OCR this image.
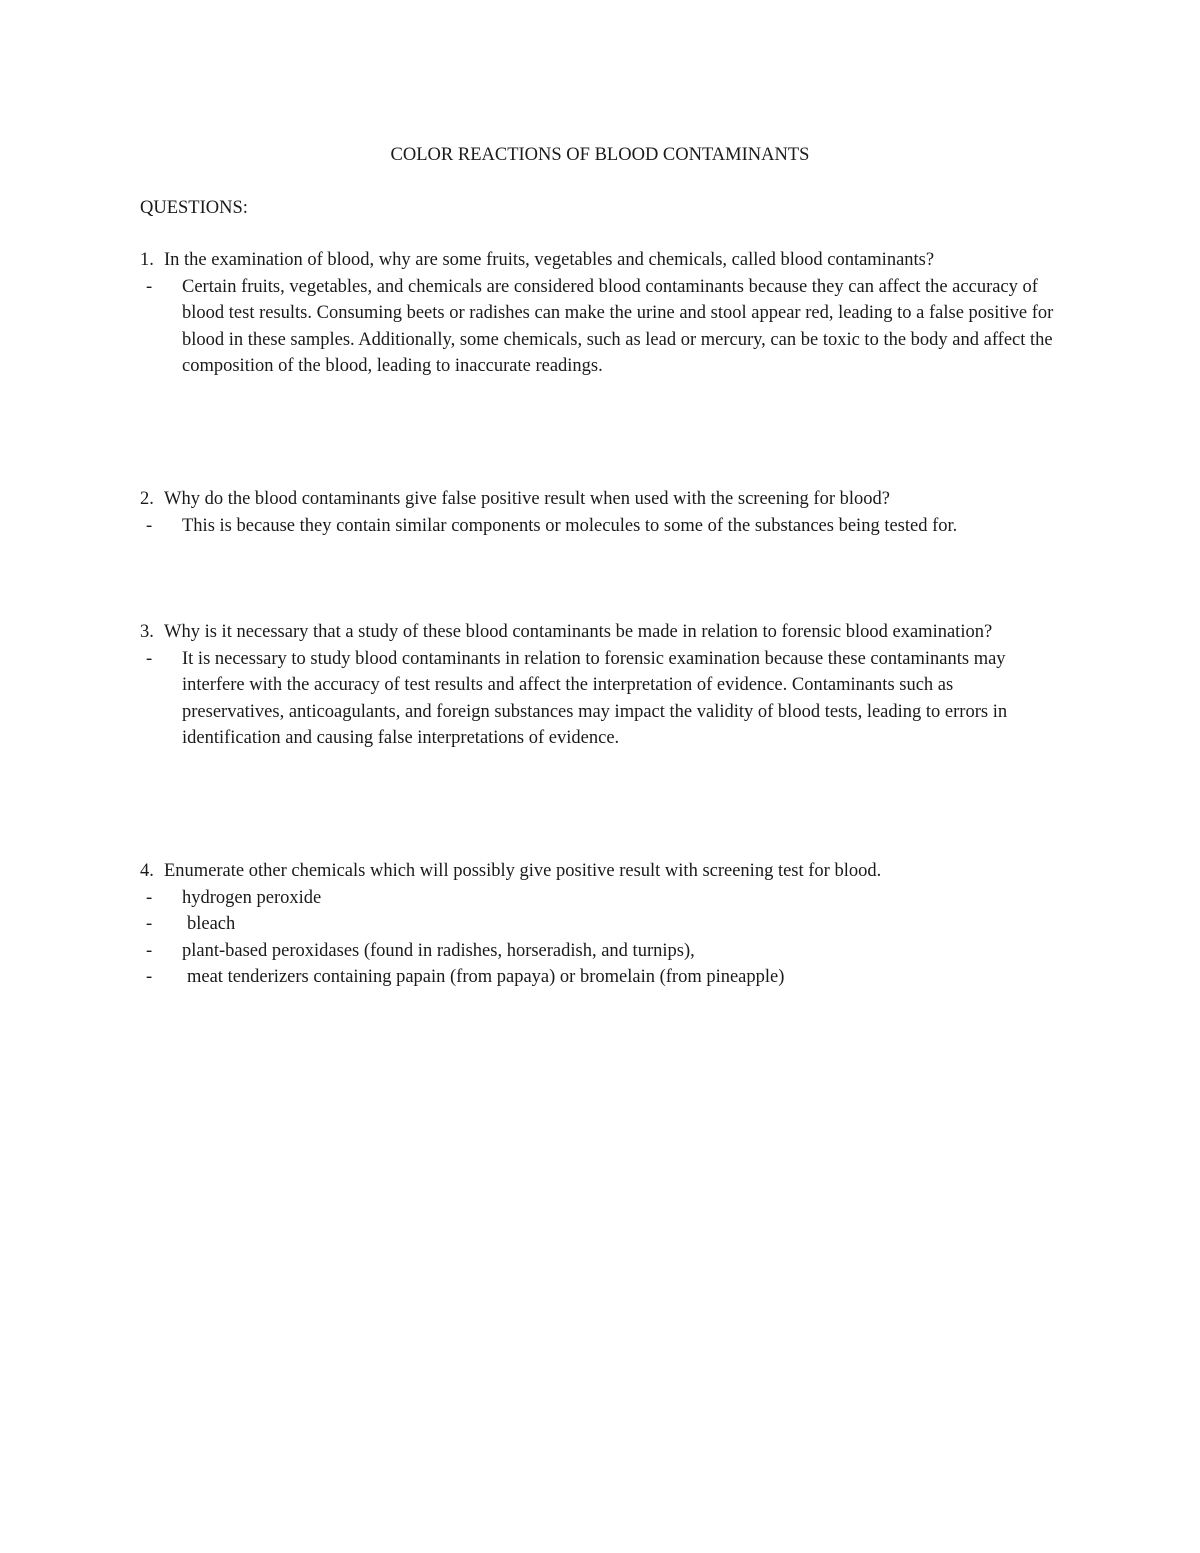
COLOR REACTIONS OF BLOOD CONTAMINANTS
QUESTIONS:
1. In the examination of blood, why are some fruits, vegetables and chemicals, called blood contaminants?
- Certain fruits, vegetables, and chemicals are considered blood contaminants because they can affect the accuracy of blood test results. Consuming beets or radishes can make the urine and stool appear red, leading to a false positive for blood in these samples. Additionally, some chemicals, such as lead or mercury, can be toxic to the body and affect the composition of the blood, leading to inaccurate readings.
2. Why do the blood contaminants give false positive result when used with the screening for blood?
- This is because they contain similar components or molecules to some of the substances being tested for.
3. Why is it necessary that a study of these blood contaminants be made in relation to forensic blood examination?
- It is necessary to study blood contaminants in relation to forensic examination because these contaminants may interfere with the accuracy of test results and affect the interpretation of evidence. Contaminants such as preservatives, anticoagulants, and foreign substances may impact the validity of blood tests, leading to errors in identification and causing false interpretations of evidence.
4. Enumerate other chemicals which will possibly give positive result with screening test for blood.
- hydrogen peroxide
- bleach
- plant-based peroxidases (found in radishes, horseradish, and turnips),
- meat tenderizers containing papain (from papaya) or bromelain (from pineapple)
